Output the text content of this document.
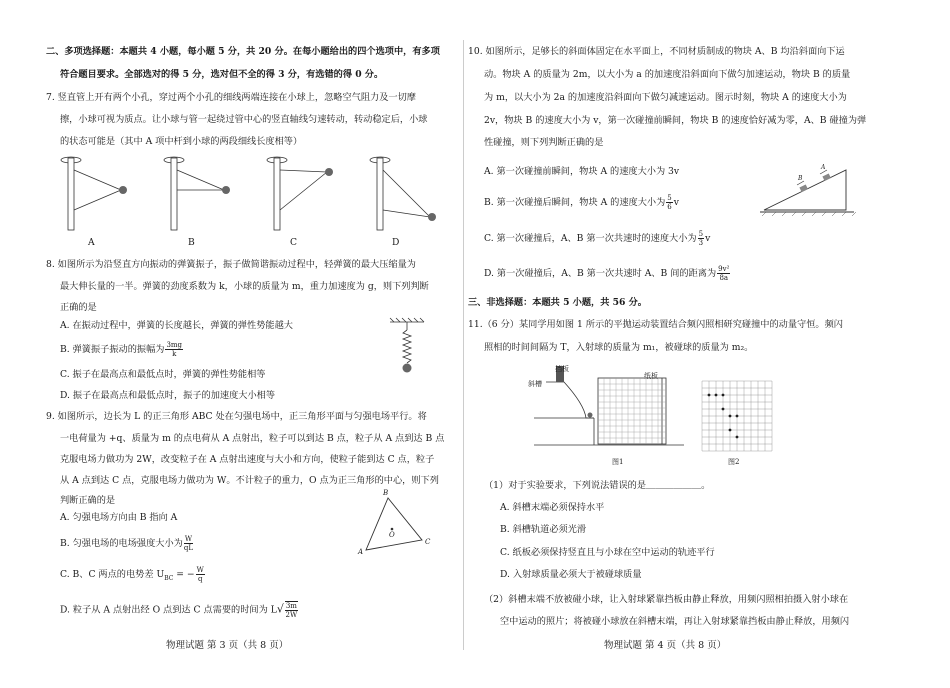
二、多项选择题：本题共 4 小题，每小题 5 分，共 20 分。在每小题给出的四个选项中，有多项
符合题目要求。全部选对的得 5 分，选对但不全的得 3 分，有选错的得 0 分。
7. 竖直管上开有两个小孔，穿过两个小孔的细线两端连接在小球上，忽略空气阻力及一切摩
擦，小球可视为质点。让小球与管一起绕过管中心的竖直轴线匀速转动，转动稳定后，小球
的状态可能是（其中 A 项中杆到小球的两段细线长度相等）
A	B	C	D
8. 如图所示为沿竖直方向振动的弹簧振子，振子做简谐振动过程中，轻弹簧的最大压缩量为
最大伸长量的一半。弹簧的劲度系数为 k，小球的质量为 m，重力加速度为 g，则下列判断
正确的是
A. 在振动过程中，弹簧的长度越长，弹簧的弹性势能越大
B. 弹簧振子振动的振幅为 $\frac{3mg}{k}$
C. 振子在最高点和最低点时，弹簧的弹性势能相等
D. 振子在最高点和最低点时，振子的加速度大小相等
9. 如图所示，边长为 L 的正三角形 ABC 处在匀强电场中，正三角形平面与匀强电场平行。将
一电荷量为 +q、质量为 m 的点电荷从 A 点射出，粒子可以到达 B 点，粒子从 A 点到达 B 点
克服电场力做功为 2W，改变粒子在 A 点射出速度与大小和方向，使粒子能到达 C 点，粒子
从 A 点到达 C 点，克服电场力做功为 W。不计粒子的重力，O 点为正三角形的中心，则下列
判断正确的是
A. 匀强电场方向由 B 指向 A
B. 匀强电场的电场强度大小为 $\frac{W}{qL}$
C. B、C 两点的电势差 $U_{BC}$ = − $\frac{W}{q}$
D. 粒子从 A 点射出经 O 点到达 C 点需要的时间为 $L√ \frac{3m}{2W}$
B
A
C
O
物理试题 第 3 页（共 8 页）
10. 如图所示，足够长的斜面体固定在水平面上，不同材质制成的物块 A、B 均沿斜面向下运
动。物块 A 的质量为 2m，以大小为 a 的加速度沿斜面向下做匀加速运动，物块 B 的质量
为 m，以大小为 2a 的加速度沿斜面向下做匀减速运动。图示时刻，物块 A 的速度大小为
2v，物块 B 的速度大小为 v，第一次碰撞前瞬间，物块 B 的速度恰好减为零，A、B 碰撞为弹
性碰撞，则下列判断正确的是
A. 第一次碰撞前瞬间，物块 A 的速度大小为 3v
B. 第一次碰撞后瞬间，物块 A 的速度大小为 $\frac{5}{6}$ v
C. 第一次碰撞后，A、B 第一次共速时的速度大小为 $\frac{5}{3}$ v
D. 第一次碰撞后，A、B 第一次共速时 A、B 间的距离为 $\frac{\text{9v²}}{8a}$
B
A
三、非选择题：本题共 5 小题，共 56 分。
11.（6 分）某同学用如图 1 所示的平抛运动装置结合频闪照相研究碰撞中的动量守恒。频闪
照相的时间间隔为 T，入射球的质量为 m₁，被碰球的质量为 m₂。
挡板
纸板
斜槽
图1	图2
（1）对于实验要求，下列说法错误的是＿＿＿＿＿＿。
A. 斜槽末端必须保持水平
B. 斜槽轨道必须光滑
C. 纸板必须保持竖直且与小球在空中运动的轨迹平行
D. 入射球质量必须大于被碰球质量
（2）斜槽末端不放被碰小球，让入射球紧靠挡板由静止释放，用频闪照相拍摄入射小球在
空中运动的照片；将被碰小球放在斜槽末端，再让入射球紧靠挡板由静止释放，用频闪
物理试题 第 4 页（共 8 页）
